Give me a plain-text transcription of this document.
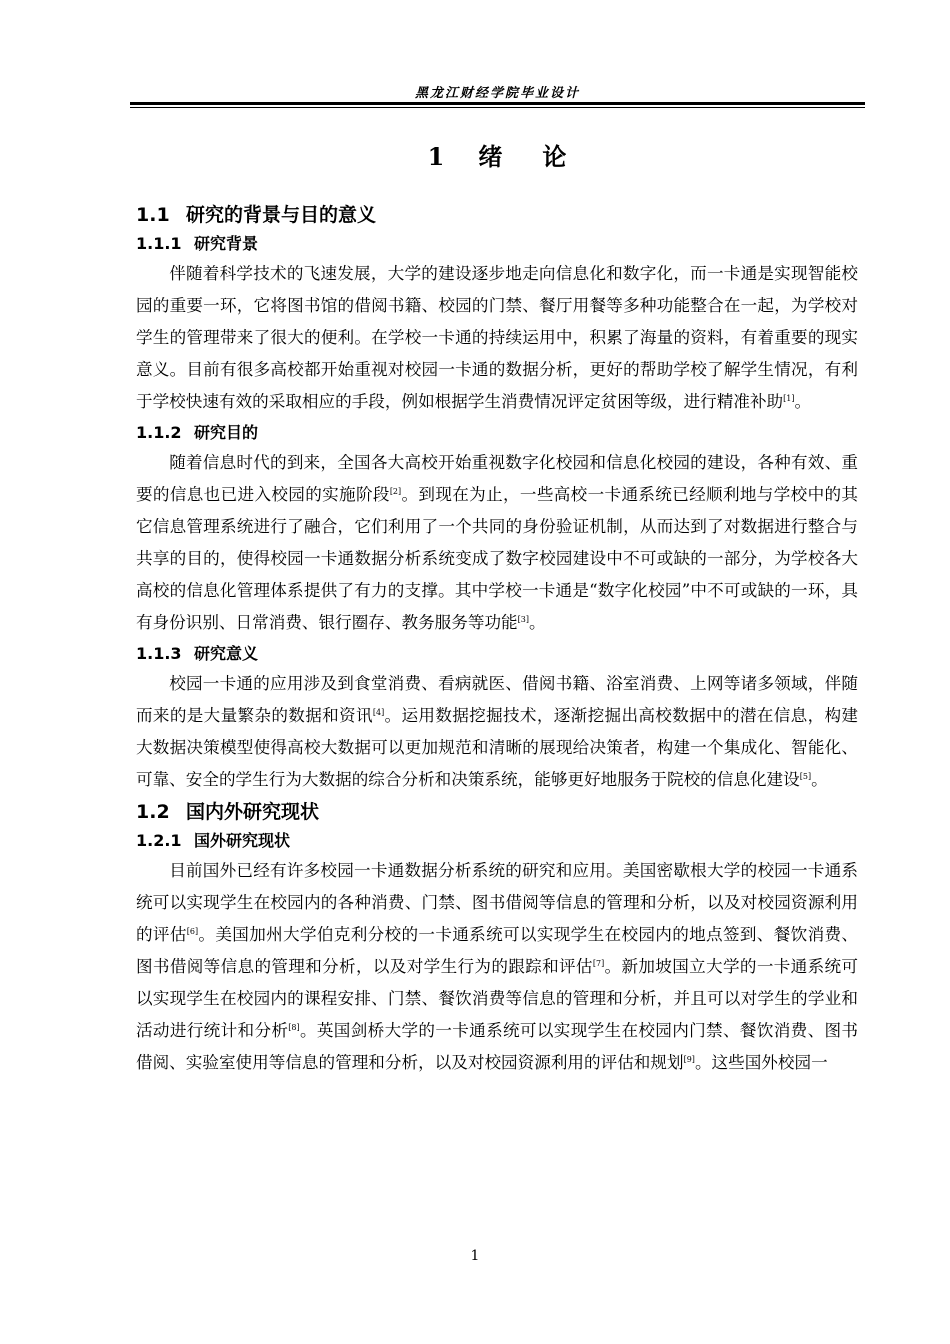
黑龙江财经学院毕业设计
1 绪 论
1.1 研究的背景与目的意义
1.1.1 研究背景

伴随着科学技术的飞速发展，大学的建设逐步地走向信息化和数字化，而一卡通是实现智能校园的重要一环，它将图书馆的借阅书籍、校园的门禁、餐厅用餐等多种功能整合在一起，为学校对学生的管理带来了很大的便利。在学校一卡通的持续运用中，积累了海量的资料，有着重要的现实意义。目前有很多高校都开始重视对校园一卡通的数据分析，更好的帮助学校了解学生情况，有利于学校快速有效的采取相应的手段，例如根据学生消费情况评定贫困等级，进行精准补助[1]。

1.1.2 研究目的

随着信息时代的到来，全国各大高校开始重视数字化校园和信息化校园的建设，各种有效、重要的信息也已进入校园的实施阶段[2]。到现在为止，一些高校一卡通系统已经顺利地与学校中的其它信息管理系统进行了融合，它们利用了一个共同的身份验证机制，从而达到了对数据进行整合与共享的目的，使得校园一卡通数据分析系统变成了数字校园建设中不可或缺的一部分，为学校各大高校的信息化管理体系提供了有力的支撑。其中学校一卡通是“数字化校园”中不可或缺的一环，具有身份识别、日常消费、银行圈存、教务服务等功能[3]。

1.1.3 研究意义

校园一卡通的应用涉及到食堂消费、看病就医、借阅书籍、浴室消费、上网等诸多领域，伴随而来的是大量繁杂的数据和资讯[4]。运用数据挖掘技术，逐渐挖掘出高校数据中的潜在信息，构建大数据决策模型使得高校大数据可以更加规范和清晰的展现给决策者，构建一个集成化、智能化、可靠、安全的学生行为大数据的综合分析和决策系统，能够更好地服务于院校的信息化建设[5]。

1.2 国内外研究现状
1.2.1 国外研究现状

目前国外已经有许多校园一卡通数据分析系统的研究和应用。美国密歇根大学的校园一卡通系统可以实现学生在校园内的各种消费、门禁、图书借阅等信息的管理和分析，以及对校园资源利用的评估[6]。美国加州大学伯克利分校的一卡通系统可以实现学生在校园内的地点签到、餐饮消费、图书借阅等信息的管理和分析，以及对学生行为的跟踪和评估[7]。新加坡国立大学的一卡通系统可以实现学生在校园内的课程安排、门禁、餐饮消费等信息的管理和分析，并且可以对学生的学业和活动进行统计和分析[8]。英国剑桥大学的一卡通系统可以实现学生在校园内门禁、餐饮消费、图书借阅、实验室使用等信息的管理和分析，以及对校园资源利用的评估和规划[9]。这些国外校园一

1
